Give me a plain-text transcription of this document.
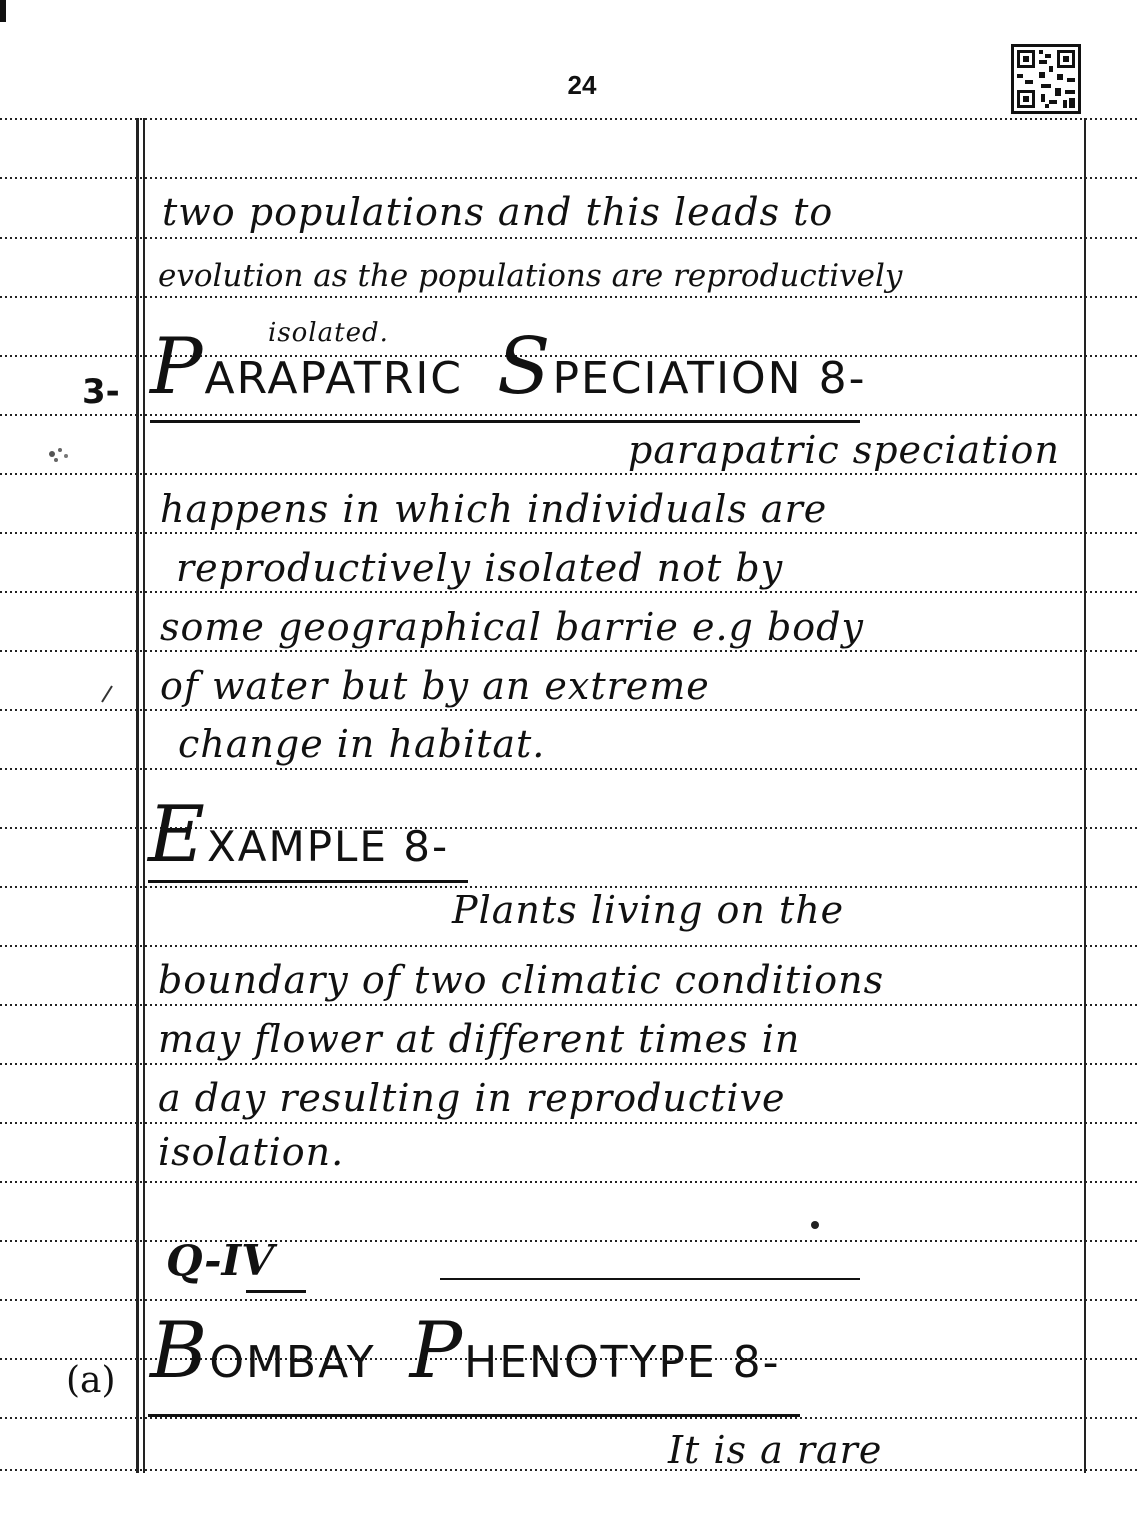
24
two populations and this leads to
evolution as the populations are reproductively
isolated.
3- PARAPATRIC SPECIATION 8-
parapatric speciation
happens in which individuals are
reproductively isolated not by
some geographical barrie e.g body
of water but by an extreme
change in habitat.
EXAMPLE 8-
Plants living on the
boundary of two climatic conditions
may flower at different times in
a day resulting in reproductive
isolation.
Q-IV
(a) BOMBAY PHENOTYPE 8-
It is a rare
